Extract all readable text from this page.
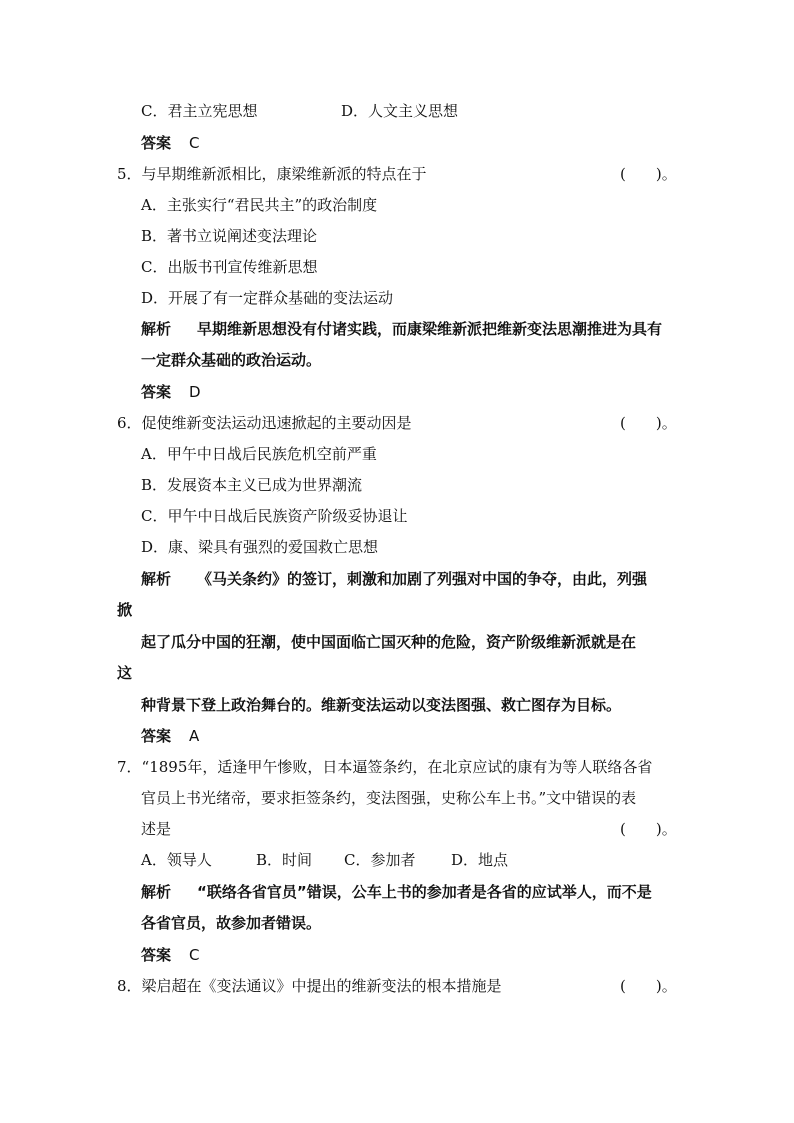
C．君主立宪思想	D．人文主义思想
答案 C
5．与早期维新派相比，康梁维新派的特点在于	(　　)。
A．主张实行“君民共主”的政治制度
B．著书立说阐述变法理论
C．出版书刊宣传维新思想
D．开展了有一定群众基础的变法运动
解析 早期维新思想没有付诸实践，而康梁维新派把维新变法思潮推进为具有
一定群众基础的政治运动。
答案 D
6．促使维新变法运动迅速掀起的主要动因是	(　　)。
A．甲午中日战后民族危机空前严重
B．发展资本主义已成为世界潮流
C．甲午中日战后民族资产阶级妥协退让
D．康、梁具有强烈的爱国救亡思想
解析 《马关条约》的签订，刺激和加剧了列强对中国的争夺，由此，列强
掀
起了瓜分中国的狂潮，使中国面临亡国灭种的危险，资产阶级维新派就是在
这
种背景下登上政治舞台的。维新变法运动以变法图强、救亡图存为目标。
答案 A
7．“1895年，适逢甲午惨败，日本逼签条约，在北京应试的康有为等人联络各省
官员上书光绪帝，要求拒签条约，变法图强，史称公车上书。”文中错误的表
述是	(　　)。
A．领导人	B．时间 C．参加者 D．地点
解析 “联络各省官员”错误，公车上书的参加者是各省的应试举人，而不是
各省官员，故参加者错误。
答案 C
8．梁启超在《变法通议》中提出的维新变法的根本措施是	(　　)。
